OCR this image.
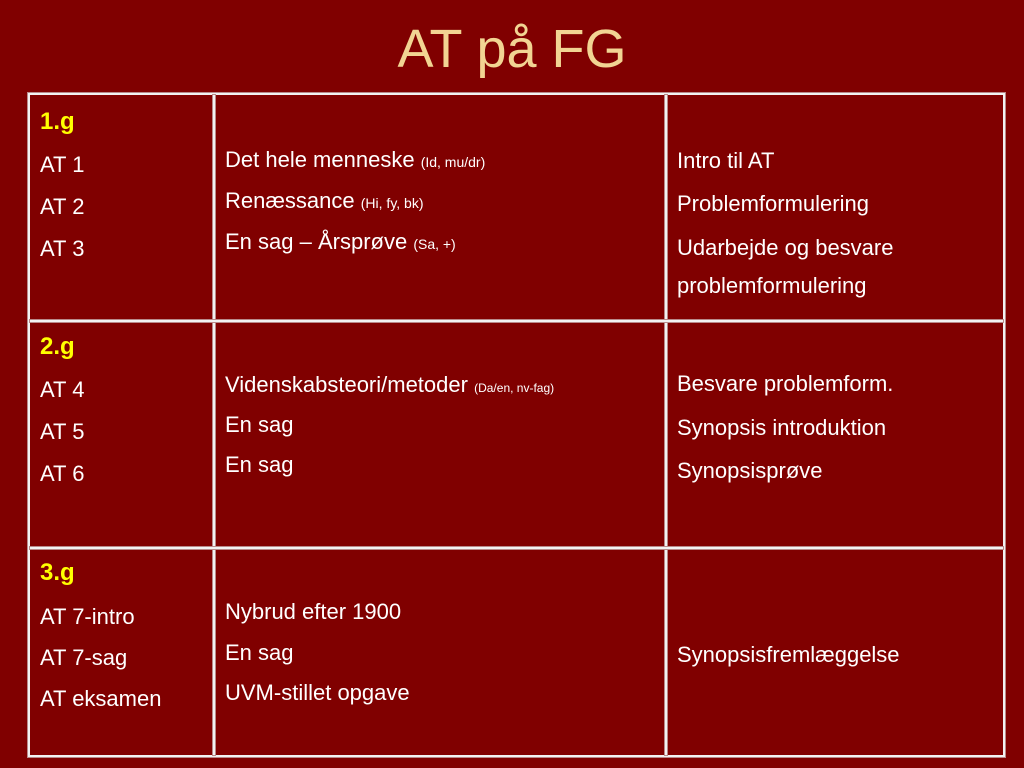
AT på FG
1.g
AT 1
AT 2
AT 3
Det hele menneske (Id, mu/dr)
Renæssance (Hi, fy, bk)
En sag – Årsprøve (Sa, +)
Intro til AT
Problemformulering
Udarbejde og besvare
problemformulering
2.g
AT 4
AT 5
AT 6
Videnskabsteori/metoder (Da/en, nv-fag)
En sag
En sag
Besvare problemform.
Synopsis introduktion
Synopsisprøve
3.g
AT 7-intro
AT 7-sag
AT eksamen
Nybrud efter 1900
En sag
UVM-stillet opgave
Synopsisfremlæggelse
